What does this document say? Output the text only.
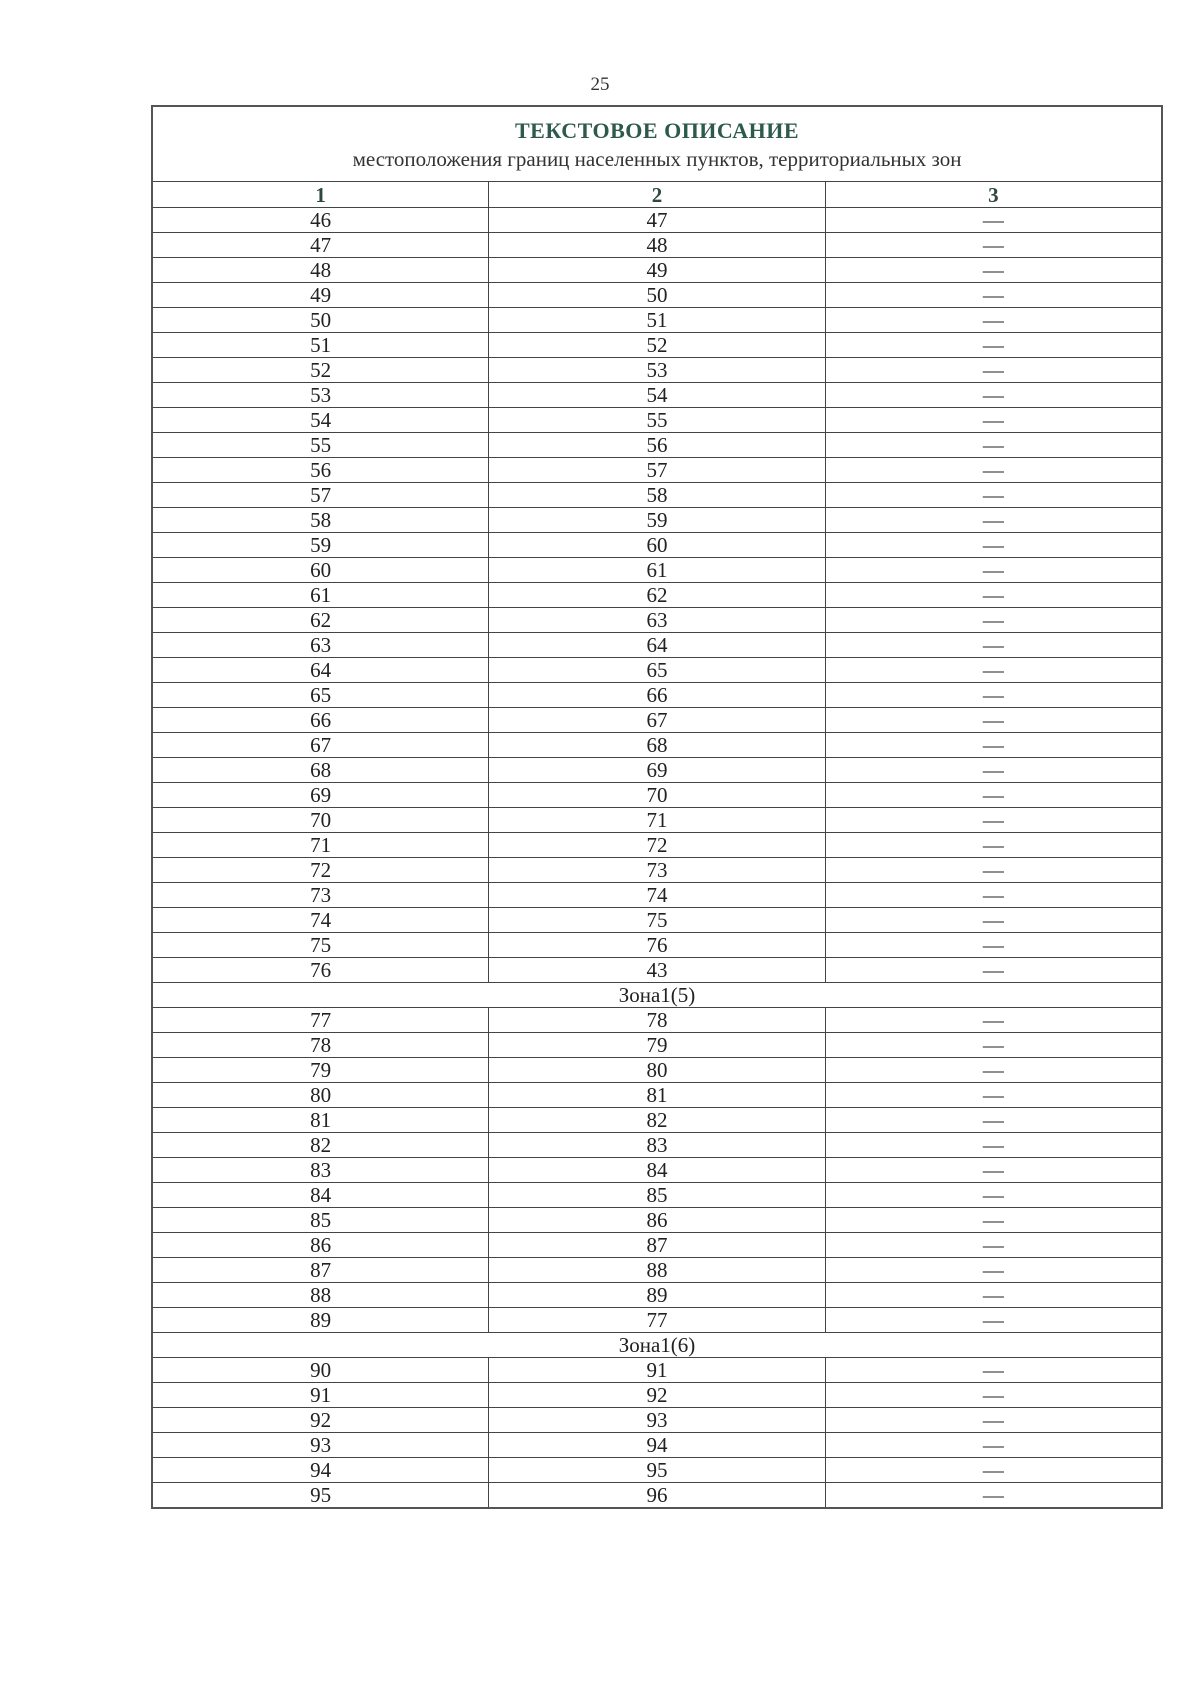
25
ТЕКСТОВОЕ ОПИСАНИЕ
местоположения границ населенных пунктов, территориальных зон		

1	2	3
46	47	—
47	48	—
48	49	—
49	50	—
50	51	—
51	52	—
52	53	—
53	54	—
54	55	—
55	56	—
56	57	—
57	58	—
58	59	—
59	60	—
60	61	—
61	62	—
62	63	—
63	64	—
64	65	—
65	66	—
66	67	—
67	68	—
68	69	—
69	70	—
70	71	—
71	72	—
72	73	—
73	74	—
74	75	—
75	76	—
76	43	—
Зона1(5)		
77	78	—
78	79	—
79	80	—
80	81	—
81	82	—
82	83	—
83	84	—
84	85	—
85	86	—
86	87	—
87	88	—
88	89	—
89	77	—
Зона1(6)		
90	91	—
91	92	—
92	93	—
93	94	—
94	95	—
95	96	—
